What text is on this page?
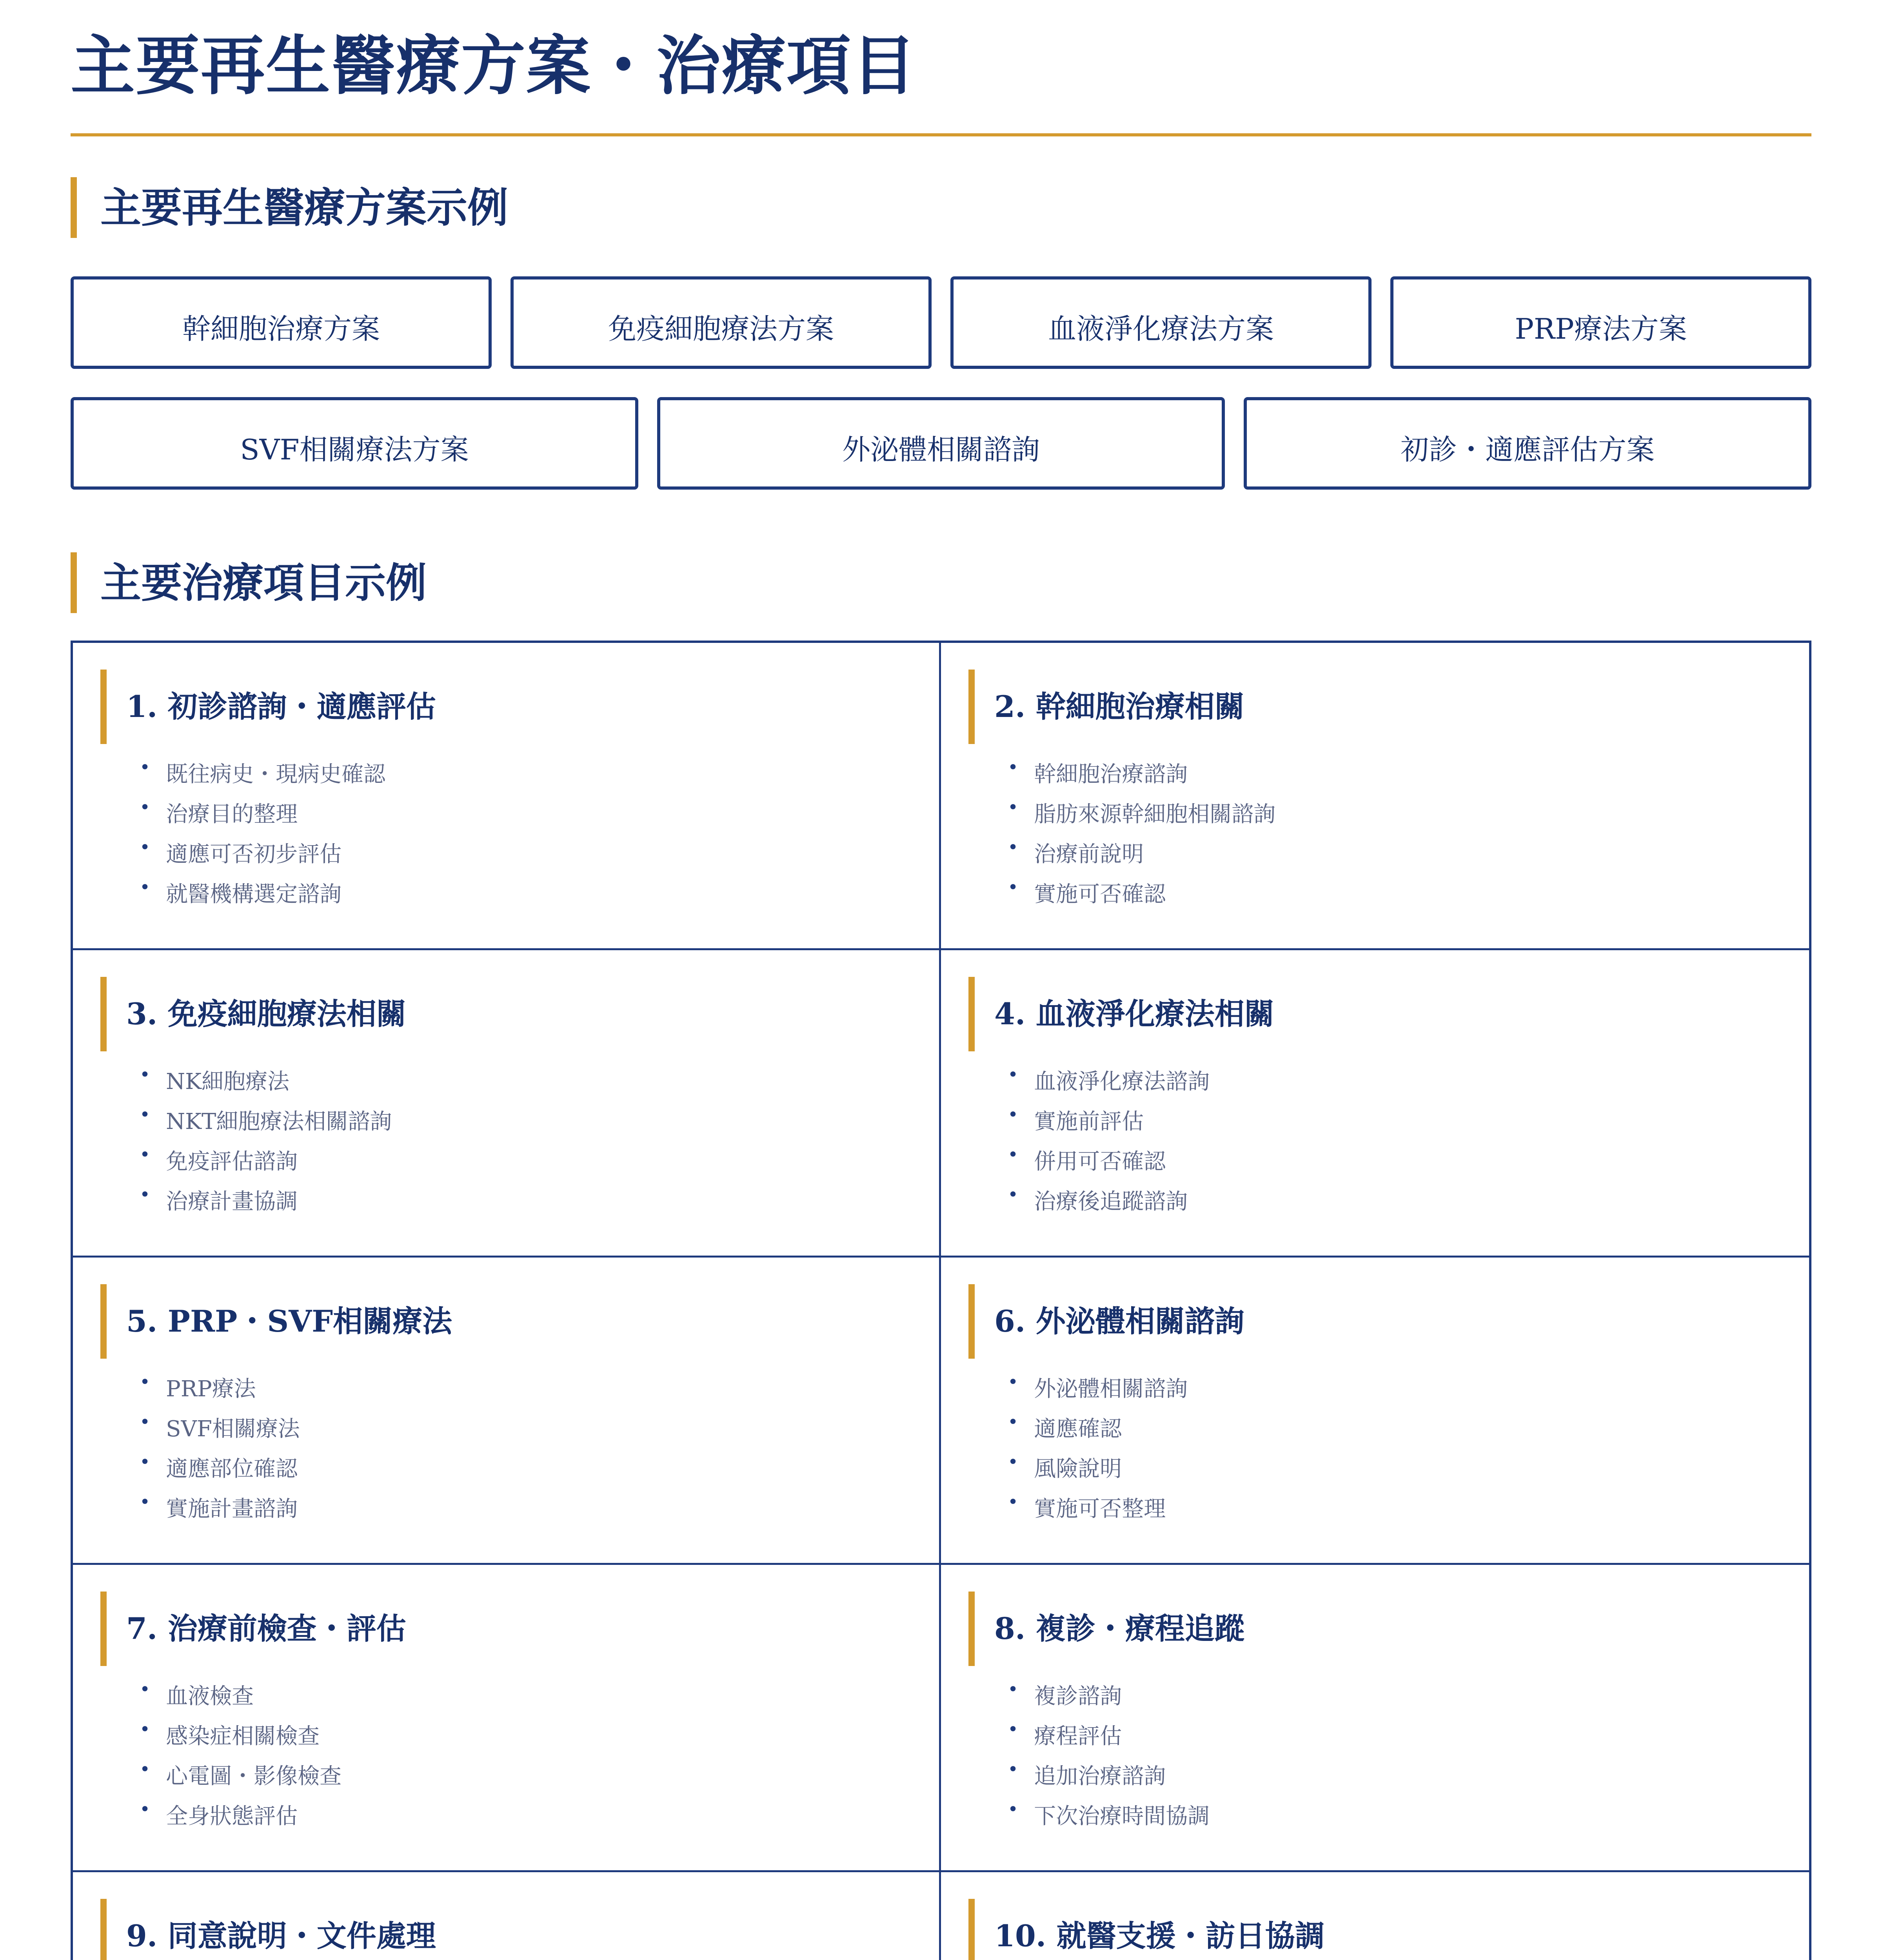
主要再生醫療方案・治療項目
主要再生醫療方案示例
幹細胞治療方案	免疫細胞療法方案	血液淨化療法方案	PRP療法方案
SVF相關療法方案	外泌體相關諮詢	初診・適應評估方案
主要治療項目示例
1. 初診諮詢・適應評估
• 既往病史・現病史確認
• 治療目的整理
• 適應可否初步評估
• 就醫機構選定諮詢
2. 幹細胞治療相關
• 幹細胞治療諮詢
• 脂肪來源幹細胞相關諮詢
• 治療前說明
• 實施可否確認
3. 免疫細胞療法相關
• NK細胞療法
• NKT細胞療法相關諮詢
• 免疫評估諮詢
• 治療計畫協調
4. 血液淨化療法相關
• 血液淨化療法諮詢
• 實施前評估
• 併用可否確認
• 治療後追蹤諮詢
5. PRP・SVF相關療法
• PRP療法
• SVF相關療法
• 適應部位確認
• 實施計畫諮詢
6. 外泌體相關諮詢
• 外泌體相關諮詢
• 適應確認
• 風險說明
• 實施可否整理
7. 治療前檢查・評估
• 血液檢查
• 感染症相關檢查
• 心電圖・影像檢查
• 全身狀態評估
8. 複診・療程追蹤
• 複診諮詢
• 療程評估
• 追加治療諮詢
• 下次治療時間協調
9. 同意說明・文件處理	10. 就醫支援・訪日協調
